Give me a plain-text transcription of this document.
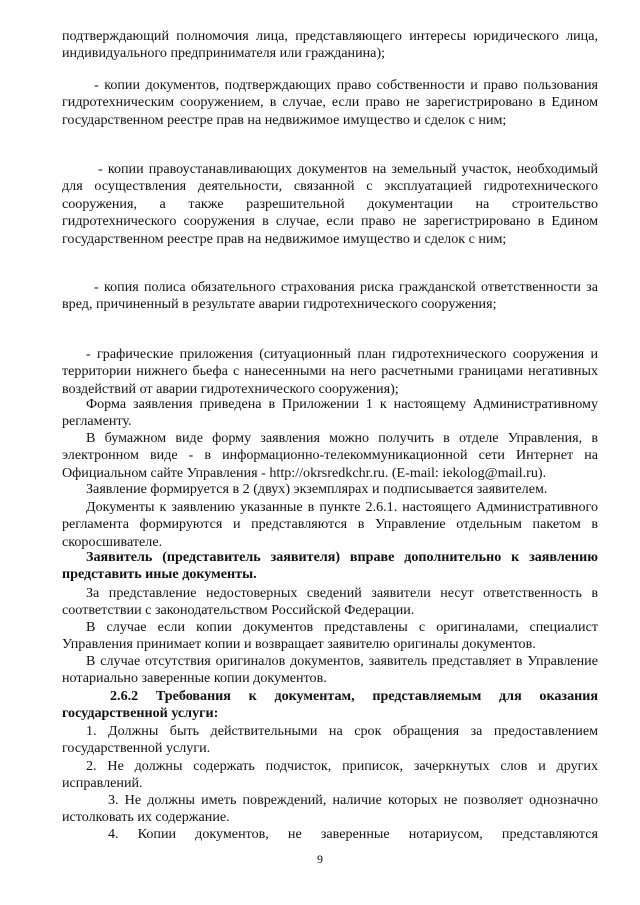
подтверждающий полномочия лица, представляющего интересы юридического лица, индивидуального предпринимателя или гражданина);

- копии документов, подтверждающих право собственности и право пользования гидротехническим сооружением, в случае, если право не зарегистрировано в Едином государственном реестре прав на недвижимое имущество и сделок с ним;

- копии правоустанавливающих документов на земельный участок, необходимый для осуществления деятельности, связанной с эксплуатацией гидротехнического сооружения, а также разрешительной документации на строительство гидротехнического сооружения в случае, если право не зарегистрировано в Едином государственном реестре прав на недвижимое имущество и сделок с ним;

- копия полиса обязательного страхования риска гражданской ответственности за вред, причиненный в результате аварии гидротехнического сооружения;

- графические приложения (ситуационный план гидротехнического сооружения и территории нижнего бьефа с нанесенными на него расчетными границами негативных воздействий от аварии гидротехнического сооружения);

Форма заявления приведена в Приложении 1 к настоящему Административному регламенту.

В бумажном виде форму заявления можно получить в отделе Управления, в электронном виде - в информационно-телекоммуникационной сети Интернет на Официальном сайте Управления - http://okrsredkchr.ru. (E-mail: iekolog@mail.ru).

Заявление формируется в 2 (двух) экземплярах и подписывается заявителем.

Документы к заявлению указанные в пункте 2.6.1. настоящего Административного регламента формируются и представляются в Управление отдельным пакетом в скоросшивателе.

Заявитель (представитель заявителя) вправе дополнительно к заявлению представить иные документы.

За представление недостоверных сведений заявители несут ответственность в соответствии с законодательством Российской Федерации.

В случае если копии документов представлены с оригиналами, специалист Управления принимает копии и возвращает заявителю оригиналы документов.

В случае отсутствия оригиналов документов, заявитель представляет в Управление нотариально заверенные копии документов.

2.6.2 Требования к документам, представляемым для оказания государственной услуги:

1. Должны быть действительными на срок обращения за предоставлением государственной услуги.

2. Не должны содержать подчисток, приписок, зачеркнутых слов и других исправлений.

3. Не должны иметь повреждений, наличие которых не позволяет однозначно истолковать их содержание.

4. Копии документов, не заверенные нотариусом, представляются

9
